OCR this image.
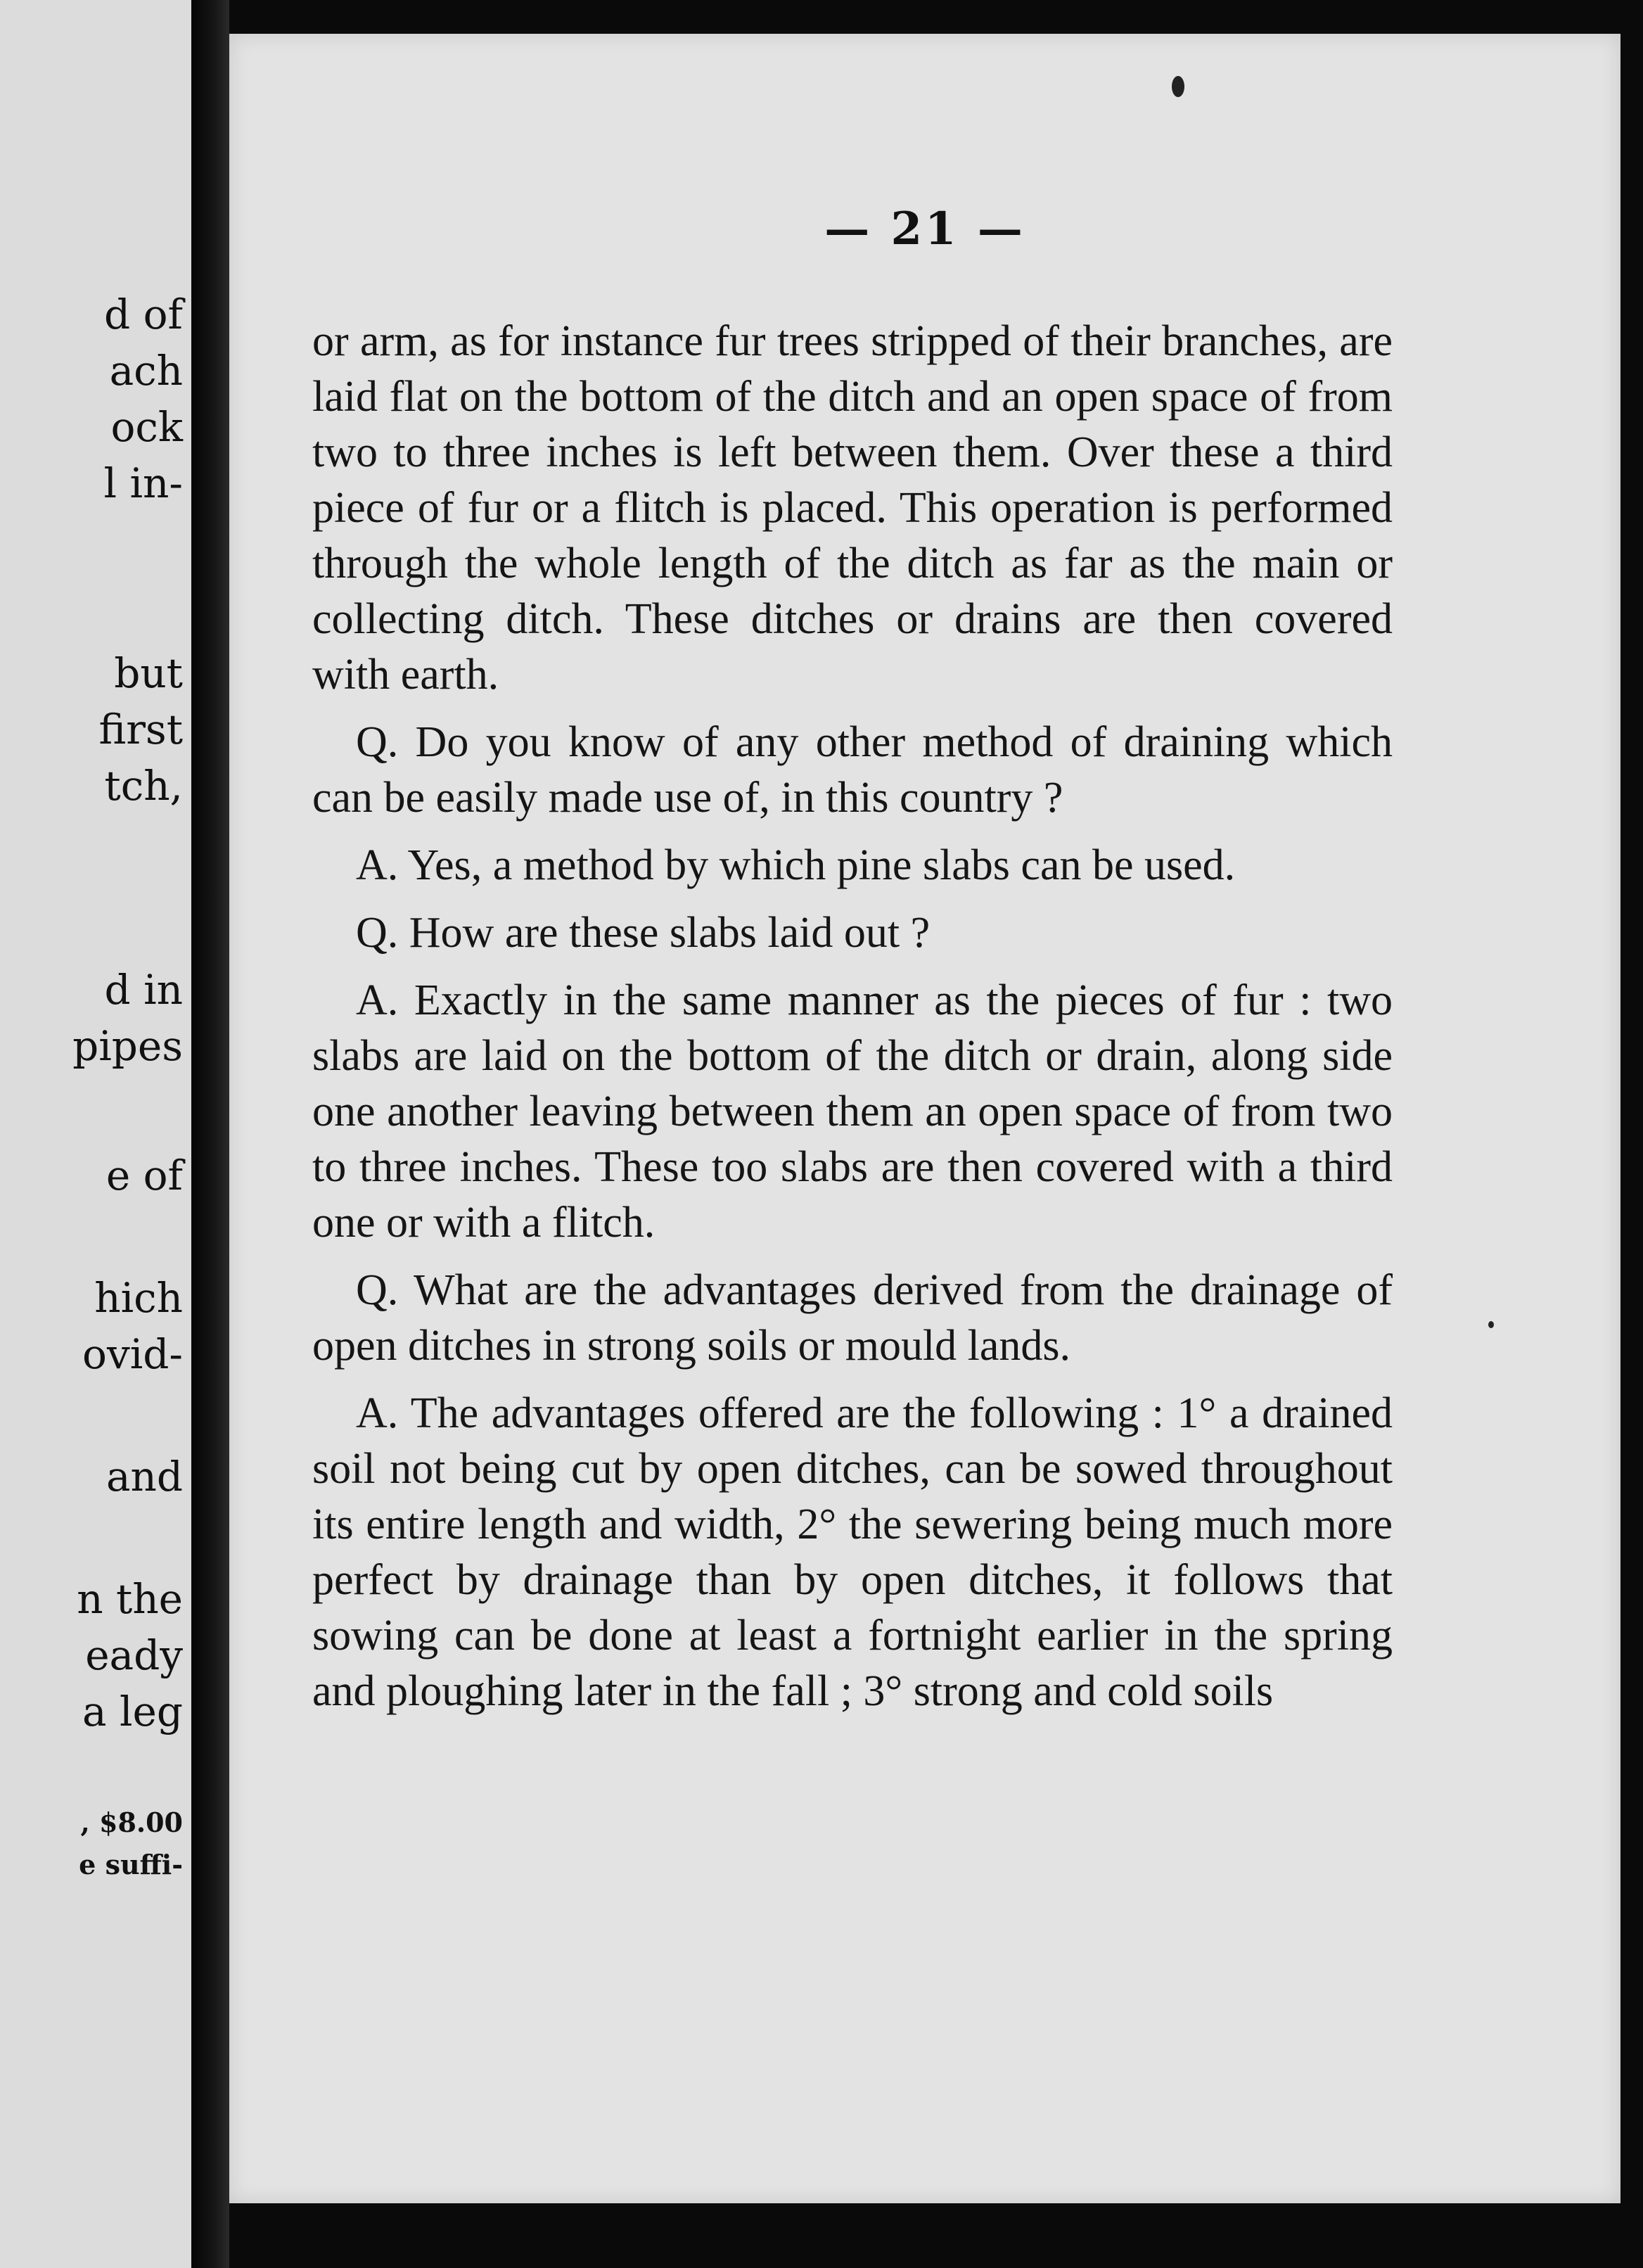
d of
ach
ock
l in-
but
first
tch,
d in
pipes
e of
hich
ovid-
and
n the
eady
a leg
, $8.00
e suffi-
— 21 —

or arm, as for instance fur trees stripped of their branches, are laid flat on the bottom of the ditch and an open space of from two to three inches is left between them. Over these a third piece of fur or a flitch is placed. This operation is performed through the whole length of the ditch as far as the main or collecting ditch. These ditches or drains are then covered with earth.

Q. Do you know of any other method of draining which can be easily made use of, in this country ?

A. Yes, a method by which pine slabs can be used.

Q. How are these slabs laid out ?

A. Exactly in the same manner as the pieces of fur : two slabs are laid on the bottom of the ditch or drain, along side one another leaving between them an open space of from two to three inches. These too slabs are then covered with a third one or with a flitch.

Q. What are the advantages derived from the drainage of open ditches in strong soils or mould lands.

A. The advantages offered are the following : 1° a drained soil not being cut by open ditches, can be sowed throughout its entire length and width, 2° the sewering being much more perfect by drainage than by open ditches, it follows that sowing can be done at least a fortnight earlier in the spring and ploughing later in the fall ; 3° strong and cold soils
